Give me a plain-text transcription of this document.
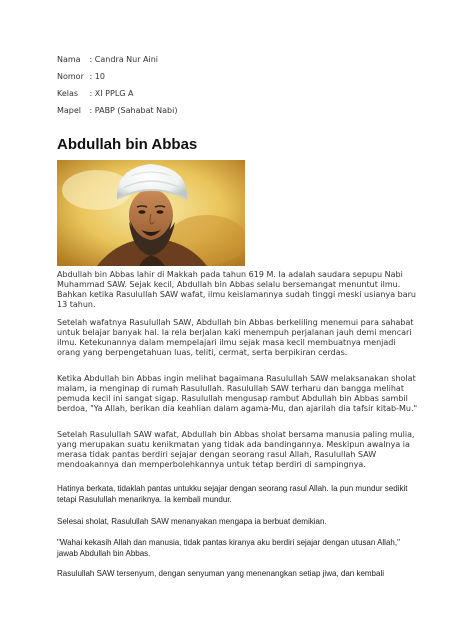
Nama : Candra Nur Aini
Nomor : 10
Kelas : XI PPLG A
Mapel : PABP (Sahabat Nabi)
Abdullah bin Abbas

Abdullah bin Abbas lahir di Makkah pada tahun 619 M. Ia adalah saudara sepupu Nabi Muhammad SAW. Sejak kecil, Abdullah bin Abbas selalu bersemangat menuntut ilmu. Bahkan ketika Rasulullah SAW wafat, ilmu keislamannya sudah tinggi meski usianya baru 13 tahun.

Setelah wafatnya Rasulullah SAW, Abdullah bin Abbas berkeliling menemui para sahabat untuk belajar banyak hal. Ia rela berjalan kaki menempuh perjalanan jauh demi mencari ilmu. Ketekunannya dalam mempelajari ilmu sejak masa kecil membuatnya menjadi orang yang berpengetahuan luas, teliti, cermat, serta berpikiran cerdas.

Ketika Abdullah bin Abbas ingin melihat bagaimana Rasulullah SAW melaksanakan sholat malam, ia menginap di rumah Rasulullah. Rasulullah SAW terharu dan bangga melihat pemuda kecil ini sangat sigap. Rasulullah mengusap rambut Abdullah bin Abbas sambil berdoa, "Ya Allah, berikan dia keahlian dalam agama-Mu, dan ajarilah dia tafsir kitab-Mu."

Setelah Rasulullah SAW wafat, Abdullah bin Abbas sholat bersama manusia paling mulia, yang merupakan suatu kenikmatan yang tidak ada bandingannya. Meskipun awalnya ia merasa tidak pantas berdiri sejajar dengan seorang rasul Allah, Rasulullah SAW mendoakannya dan memperbolehkannya untuk tetap berdiri di sampingnya.

Hatinya berkata, tidaklah pantas untukku sejajar dengan seorang rasul Allah. Ia pun mundur sedikit tetapi Rasulullah menariknya. Ia kembali mundur.

Selesai sholat, Rasulullah SAW menanyakan mengapa ia berbuat demikian.

"Wahai kekasih Allah dan manusia, tidak pantas kiranya aku berdiri sejajar dengan utusan Allah," jawab Abdullah bin Abbas.

Rasulullah SAW tersenyum, dengan senyuman yang menenangkan setiap jiwa, dan kembali
